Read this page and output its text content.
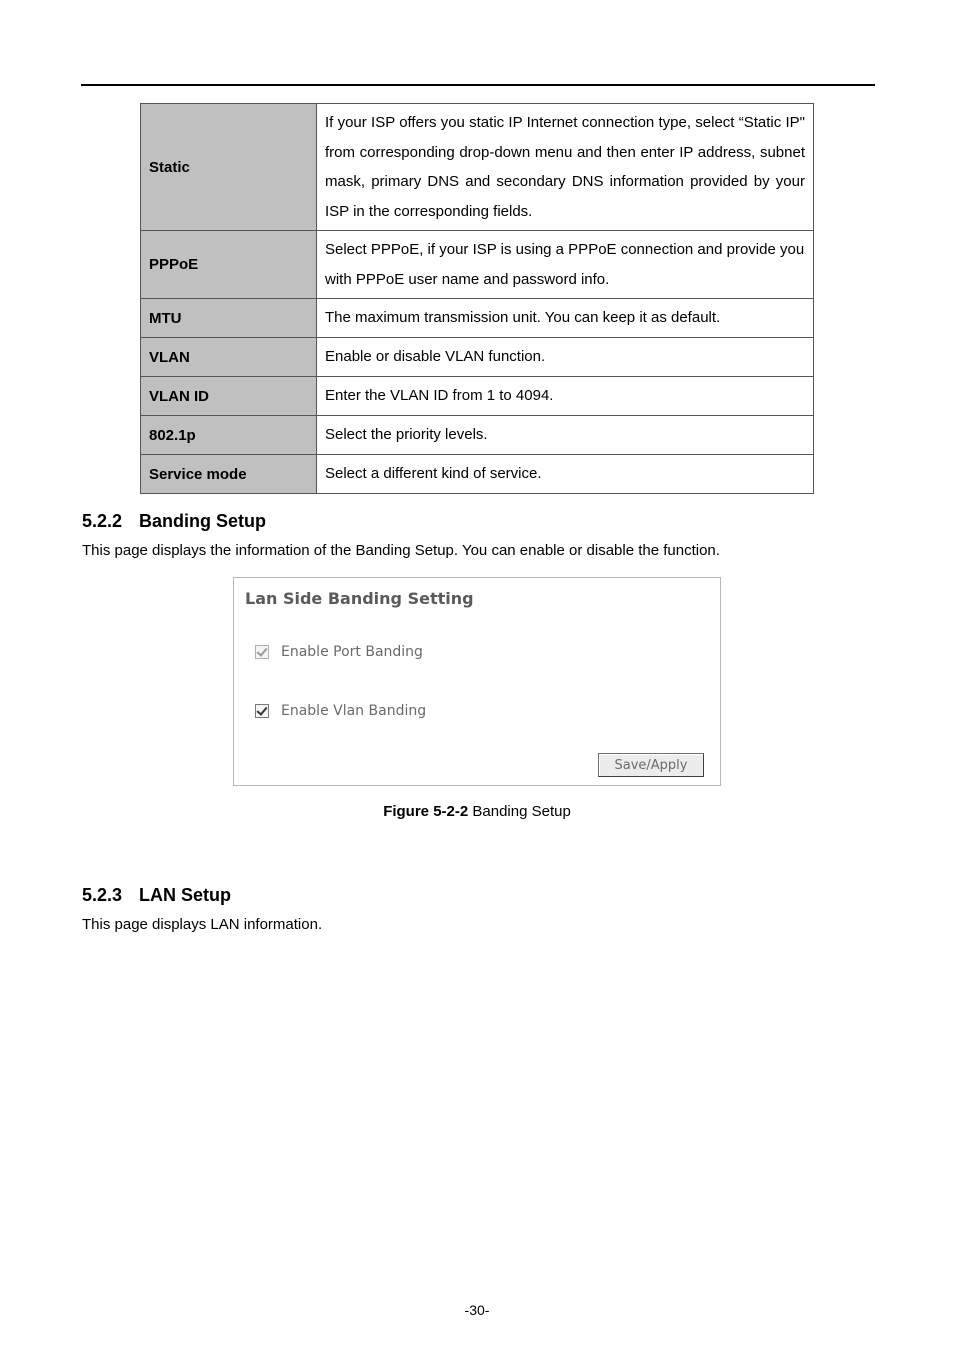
Static	If your ISP offers you static IP Internet connection type, select “Static IP" from corresponding drop-down menu and then enter IP address, subnet mask, primary DNS and secondary DNS information provided by your ISP in the corresponding fields.
PPPoE	Select PPPoE, if your ISP is using a PPPoE connection and provide you with PPPoE user name and password info.
MTU	The maximum transmission unit. You can keep it as default.
VLAN	Enable or disable VLAN function.
VLAN ID	Enter the VLAN ID from 1 to 4094.
802.1p	Select the priority levels.
Service mode	Select a different kind of service.
5.2.2 Banding Setup
This page displays the information of the Banding Setup. You can enable or disable the function.
Lan Side Banding Setting
Enable Port Banding
Enable Vlan Banding
Save/Apply
Figure 5-2-2 Banding Setup
5.2.3 LAN Setup
This page displays LAN information.
-30-
